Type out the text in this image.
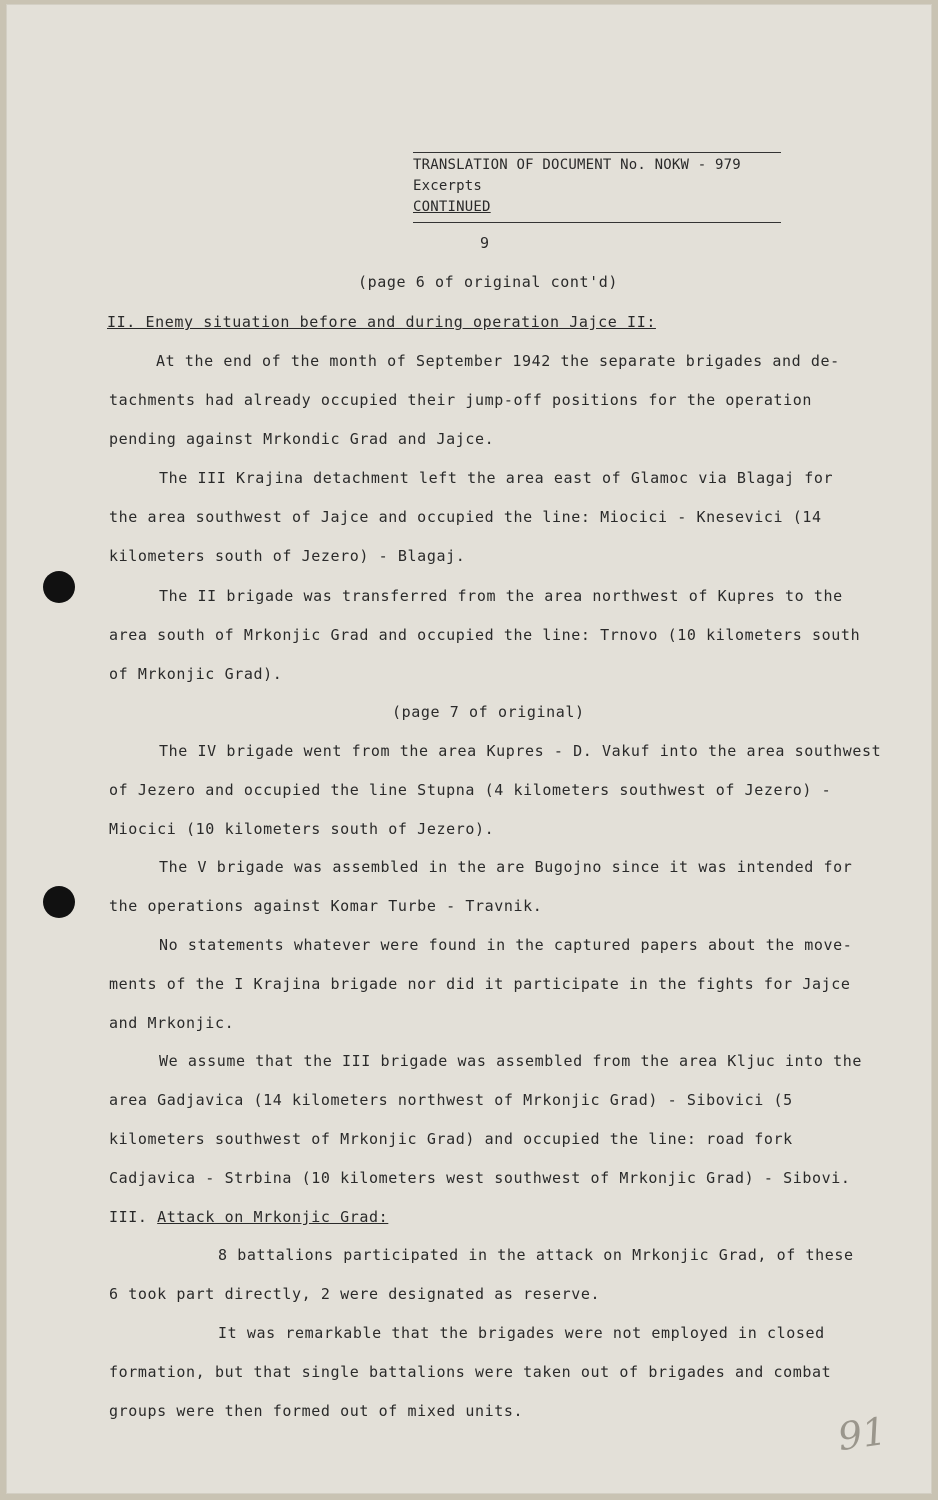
TRANSLATION OF DOCUMENT No. NOKW - 979
Excerpts
CONTINUED
9
(page 6 of original cont'd)
II. Enemy situation before and during operation Jajce II:
At the end of the month of September 1942 the separate brigades and de-
tachments had already occupied their jump-off positions for the operation
pending against Mrkondic Grad and Jajce.
The III Krajina detachment left the area east of Glamoc via Blagaj for
the area southwest of Jajce and occupied the line: Miocici - Knesevici (14
kilometers south of Jezero) - Blagaj.
The II brigade was transferred from the area northwest of Kupres to the
area south of Mrkonjic Grad and occupied the line: Trnovo (10 kilometers south
of Mrkonjic Grad).
(page 7 of original)
The IV brigade went from the area Kupres - D. Vakuf into the area southwest
of Jezero and occupied the line Stupna (4 kilometers southwest of Jezero) -
Miocici (10 kilometers south of Jezero).
The V brigade was assembled in the are Bugojno since it was intended for
the operations against Komar Turbe - Travnik.
No statements whatever were found in the captured papers about the move-
ments of the I Krajina brigade nor did it participate in the fights for Jajce
and Mrkonjic.
We assume that the III brigade was assembled from the area Kljuc into the
area Gadjavica (14 kilometers northwest of Mrkonjic Grad) - Sibovici (5
kilometers southwest of Mrkonjic Grad) and occupied the line: road fork
Cadjavica - Strbina (10 kilometers west southwest of Mrkonjic Grad) - Sibovi.
III. Attack on Mrkonjic Grad:
8 battalions participated in the attack on Mrkonjic Grad, of these
6 took part directly, 2 were designated as reserve.
It was remarkable that the brigades were not employed in closed
formation, but that single battalions were taken out of brigades and combat
groups were then formed out of mixed units.	91
